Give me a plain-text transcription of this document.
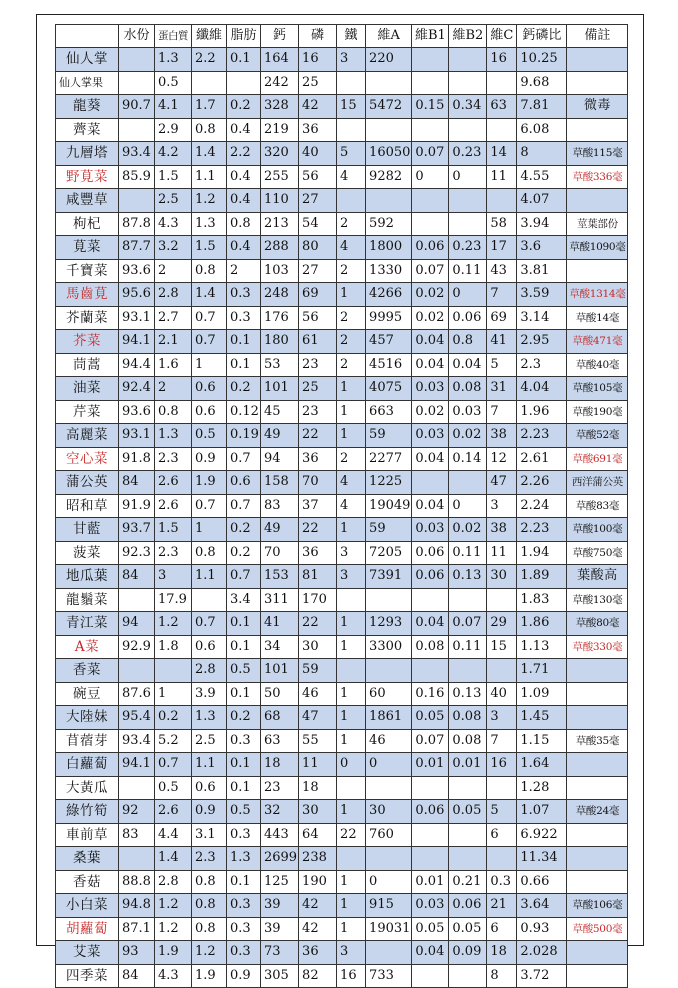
	水份	蛋白質	纖維	脂肪	鈣	磷	鐵	維A	維B1	維B2	維C	鈣磷比	備註
仙人掌		1.3	2.2	0.1	164	16	3	220			16	10.25	
仙人掌果		0.5			242	25						9.68	
龍葵	90.7	4.1	1.7	0.2	328	42	15	5472	0.15	0.34	63	7.81	微毒
薺菜		2.9	0.8	0.4	219	36						6.08	
九層塔	93.4	4.2	1.4	2.2	320	40	5	16050	0.07	0.23	14	8	草酸115毫
野莧菜	85.9	1.5	1.1	0.4	255	56	4	9282	0	0	11	4.55	草酸336毫
咸豐草		2.5	1.2	0.4	110	27						4.07	
枸杞	87.8	4.3	1.3	0.8	213	54	2	592			58	3.94	莖葉部份
莧菜	87.7	3.2	1.5	0.4	288	80	4	1800	0.06	0.23	17	3.6	草酸1090毫
千寶菜	93.6	2	0.8	2	103	27	2	1330	0.07	0.11	43	3.81	
馬齒莧	95.6	2.8	1.4	0.3	248	69	1	4266	0.02	0	7	3.59	草酸1314毫
芥蘭菜	93.1	2.7	0.7	0.3	176	56	2	9995	0.02	0.06	69	3.14	草酸14毫
芥菜	94.1	2.1	0.7	0.1	180	61	2	457	0.04	0.8	41	2.95	草酸471毫
茼蒿	94.4	1.6	1	0.1	53	23	2	4516	0.04	0.04	5	2.3	草酸40毫
油菜	92.4	2	0.6	0.2	101	25	1	4075	0.03	0.08	31	4.04	草酸105毫
芹菜	93.6	0.8	0.6	0.12	45	23	1	663	0.02	0.03	7	1.96	草酸190毫
高麗菜	93.1	1.3	0.5	0.19	49	22	1	59	0.03	0.02	38	2.23	草酸52毫
空心菜	91.8	2.3	0.9	0.7	94	36	2	2277	0.04	0.14	12	2.61	草酸691毫
蒲公英	84	2.6	1.9	0.6	158	70	4	1225			47	2.26	西洋蒲公英
昭和草	91.9	2.6	0.7	0.7	83	37	4	19049	0.04	0	3	2.24	草酸83毫
甘藍	93.7	1.5	1	0.2	49	22	1	59	0.03	0.02	38	2.23	草酸100毫
菠菜	92.3	2.3	0.8	0.2	70	36	3	7205	0.06	0.11	11	1.94	草酸750毫
地瓜葉	84	3	1.1	0.7	153	81	3	7391	0.06	0.13	30	1.89	葉酸高
龍鬚菜		17.9		3.4	311	170						1.83	草酸130毫
青江菜	94	1.2	0.7	0.1	41	22	1	1293	0.04	0.07	29	1.86	草酸80毫
A菜	92.9	1.8	0.6	0.1	34	30	1	3300	0.08	0.11	15	1.13	草酸330毫
香菜			2.8	0.5	101	59						1.71	
碗豆	87.6	1	3.9	0.1	50	46	1	60	0.16	0.13	40	1.09	
大陸妹	95.4	0.2	1.3	0.2	68	47	1	1861	0.05	0.08	3	1.45	
苜蓿芽	93.4	5.2	2.5	0.3	63	55	1	46	0.07	0.08	7	1.15	草酸35毫
白蘿蔔	94.1	0.7	1.1	0.1	18	11	0	0	0.01	0.01	16	1.64	
大黃瓜		0.5	0.6	0.1	23	18						1.28	
綠竹筍	92	2.6	0.9	0.5	32	30	1	30	0.06	0.05	5	1.07	草酸24毫
車前草	83	4.4	3.1	0.3	443	64	22	760			6	6.922	
桑葉		1.4	2.3	1.3	2699	238						11.34	
香菇	88.8	2.8	0.8	0.1	125	190	1	0	0.01	0.21	0.3	0.66	
小白菜	94.8	1.2	0.8	0.3	39	42	1	915	0.03	0.06	21	3.64	草酸106毫
胡蘿蔔	87.1	1.2	0.8	0.3	39	42	1	19031	0.05	0.05	6	0.93	草酸500毫
艾菜	93	1.9	1.2	0.3	73	36	3		0.04	0.09	18	2.028	
四季菜	84	4.3	1.9	0.9	305	82	16	733			8	3.72	
